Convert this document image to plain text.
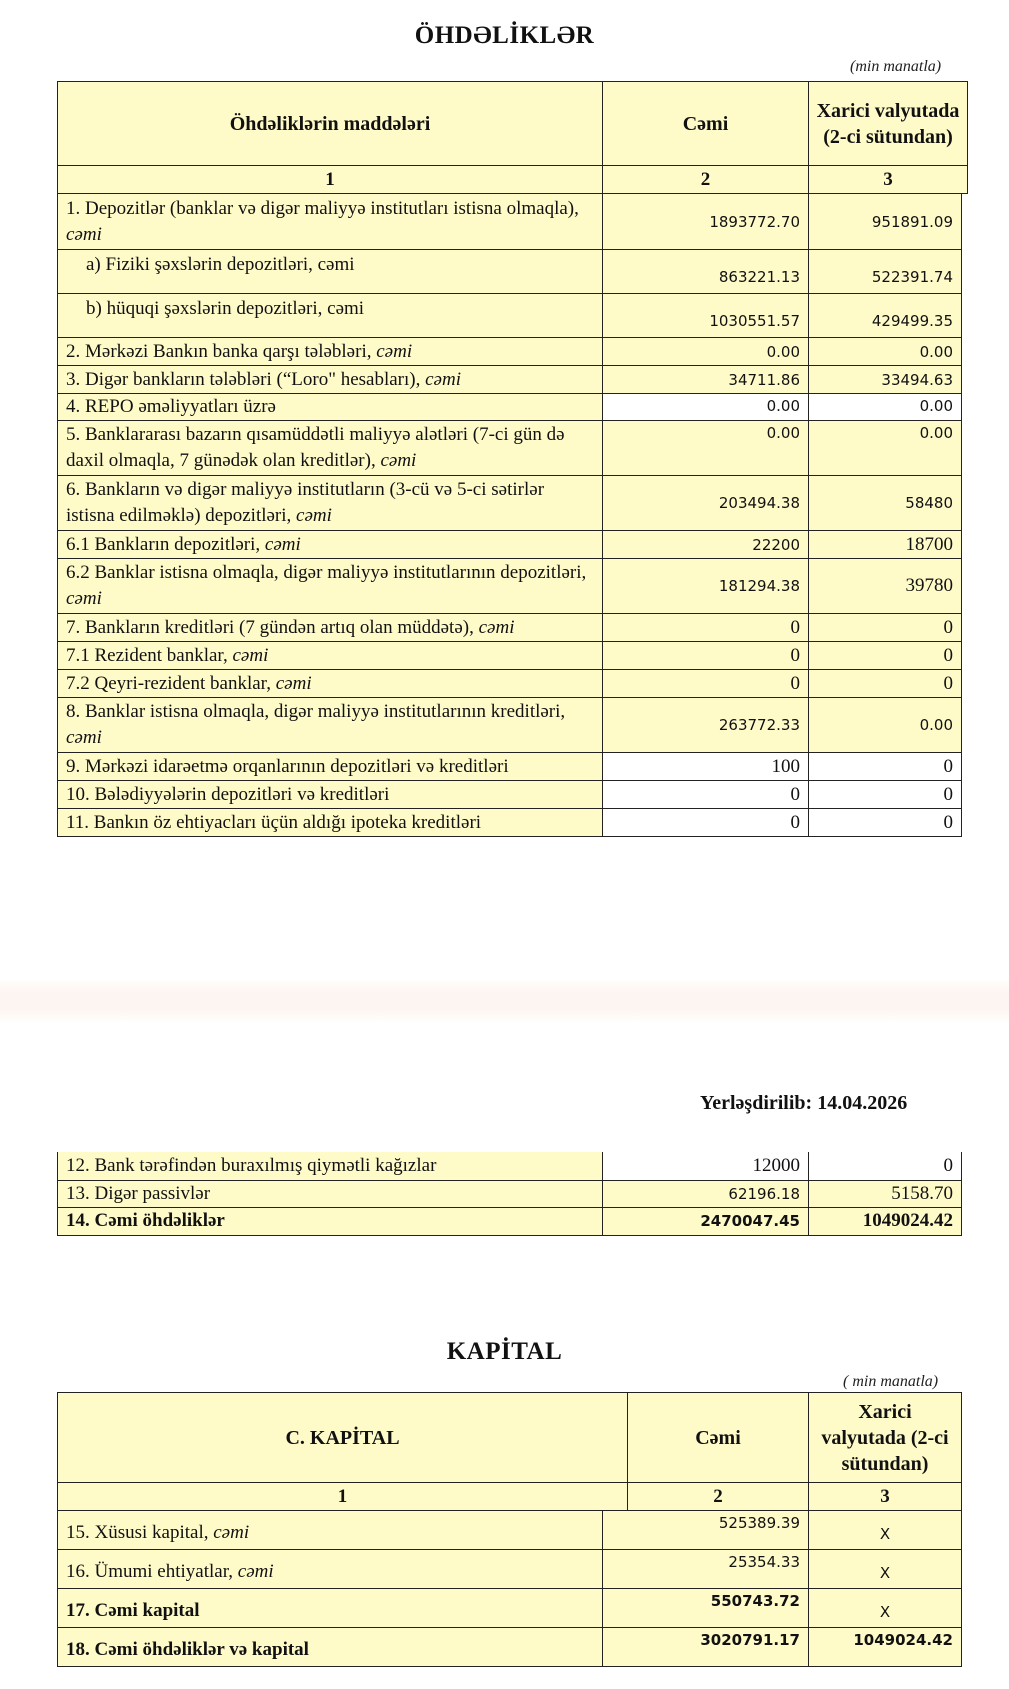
ÖHDƏLİKLƏR
(min manatla)
Öhdəliklərin maddələri	Cəmi	Xarici valyutada (2-ci sütundan)
1	2	3
1. Depozitlər (banklar və digər maliyyə institutları istisna olmaqla), cəmi	1893772.70	951891.09
a) Fiziki şəxslərin depozitləri, cəmi	863221.13	522391.74
b) hüquqi şəxslərin depozitləri, cəmi	1030551.57	429499.35
2. Mərkəzi Bankın banka qarşı tələbləri, cəmi	0.00	0.00
3. Digər bankların tələbləri (“Loro" hesabları), cəmi	34711.86	33494.63
4. REPO əməliyyatları üzrə	0.00	0.00
5. Banklararası bazarın qısamüddətli maliyyə alətləri (7-ci gün də daxil olmaqla, 7 günədək olan kreditlər), cəmi	0.00	0.00
6. Bankların və digər maliyyə institutların (3-cü və 5-ci sətirlər istisna edilməklə) depozitləri, cəmi	203494.38	58480
6.1 Bankların depozitləri, cəmi	22200	18700
6.2 Banklar istisna olmaqla, digər maliyyə institutlarının depozitləri, cəmi	181294.38	39780
7. Bankların kreditləri (7 gündən artıq olan müddətə), cəmi	0	0
7.1 Rezident banklar, cəmi	0	0
7.2 Qeyri-rezident banklar, cəmi	0	0
8. Banklar istisna olmaqla, digər maliyyə institutlarının kreditləri, cəmi	263772.33	0.00
9. Mərkəzi idarəetmə orqanlarının depozitləri və kreditləri	100	0
10. Bələdiyyələrin depozitləri və kreditləri	0	0
11. Bankın öz ehtiyacları üçün aldığı ipoteka kreditləri	0	0
Yerləşdirilib: 14.04.2026
12. Bank tərəfindən buraxılmış qiymətli kağızlar	12000	0
13. Digər passivlər	62196.18	5158.70
14. Cəmi öhdəliklər	2470047.45	1049024.42
KAPİTAL
( min manatla)
C. KAPİTAL	Cəmi	Xarici valyutada (2-ci sütundan)
1	2	3
15. Xüsusi kapital, cəmi	525389.39	X
16. Ümumi ehtiyatlar, cəmi	25354.33	X
17. Cəmi kapital	550743.72	X
18. Cəmi öhdəliklər və kapital	3020791.17	1049024.42
